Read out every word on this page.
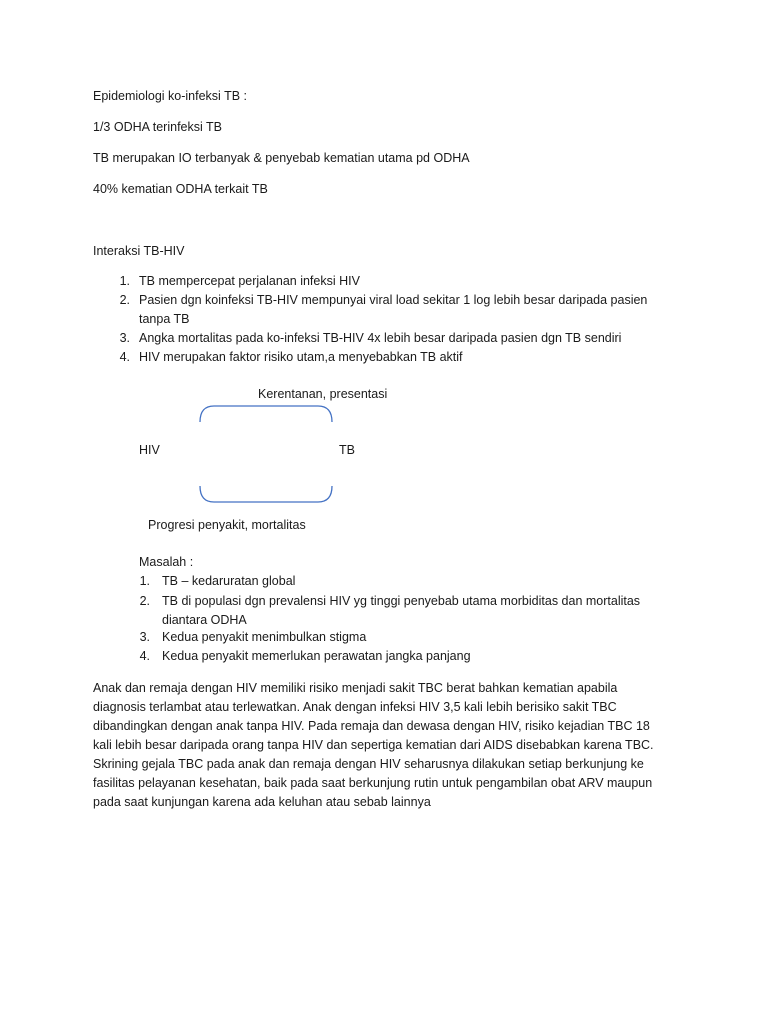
Epidemiologi ko-infeksi TB :
1/3 ODHA terinfeksi TB
TB merupakan IO terbanyak & penyebab kematian utama pd ODHA
40% kematian ODHA terkait TB
Interaksi TB-HIV
1. TB mempercepat perjalanan infeksi HIV
2. Pasien dgn koinfeksi TB-HIV mempunyai viral load sekitar 1 log lebih besar daripada pasien
tanpa TB
3. Angka mortalitas pada ko-infeksi TB-HIV 4x lebih besar daripada pasien dgn TB sendiri
4. HIV merupakan faktor risiko utam,a menyebabkan TB aktif
Kerentanan, presentasi
HIV	TB
Progresi penyakit, mortalitas
Masalah :
1. TB – kedaruratan global
2. TB di populasi dgn prevalensi HIV yg tinggi penyebab utama morbiditas dan mortalitas
diantara ODHA
3. Kedua penyakit menimbulkan stigma
4. Kedua penyakit memerlukan perawatan jangka panjang
Anak dan remaja dengan HIV memiliki risiko menjadi sakit TBC berat bahkan kematian apabila
diagnosis terlambat atau terlewatkan. Anak dengan infeksi HIV 3,5 kali lebih berisiko sakit TBC
dibandingkan dengan anak tanpa HIV. Pada remaja dan dewasa dengan HIV, risiko kejadian TBC 18
kali lebih besar daripada orang tanpa HIV dan sepertiga kematian dari AIDS disebabkan karena TBC.
Skrining gejala TBC pada anak dan remaja dengan HIV seharusnya dilakukan setiap berkunjung ke
fasilitas pelayanan kesehatan, baik pada saat berkunjung rutin untuk pengambilan obat ARV maupun
pada saat kunjungan karena ada keluhan atau sebab lainnya
